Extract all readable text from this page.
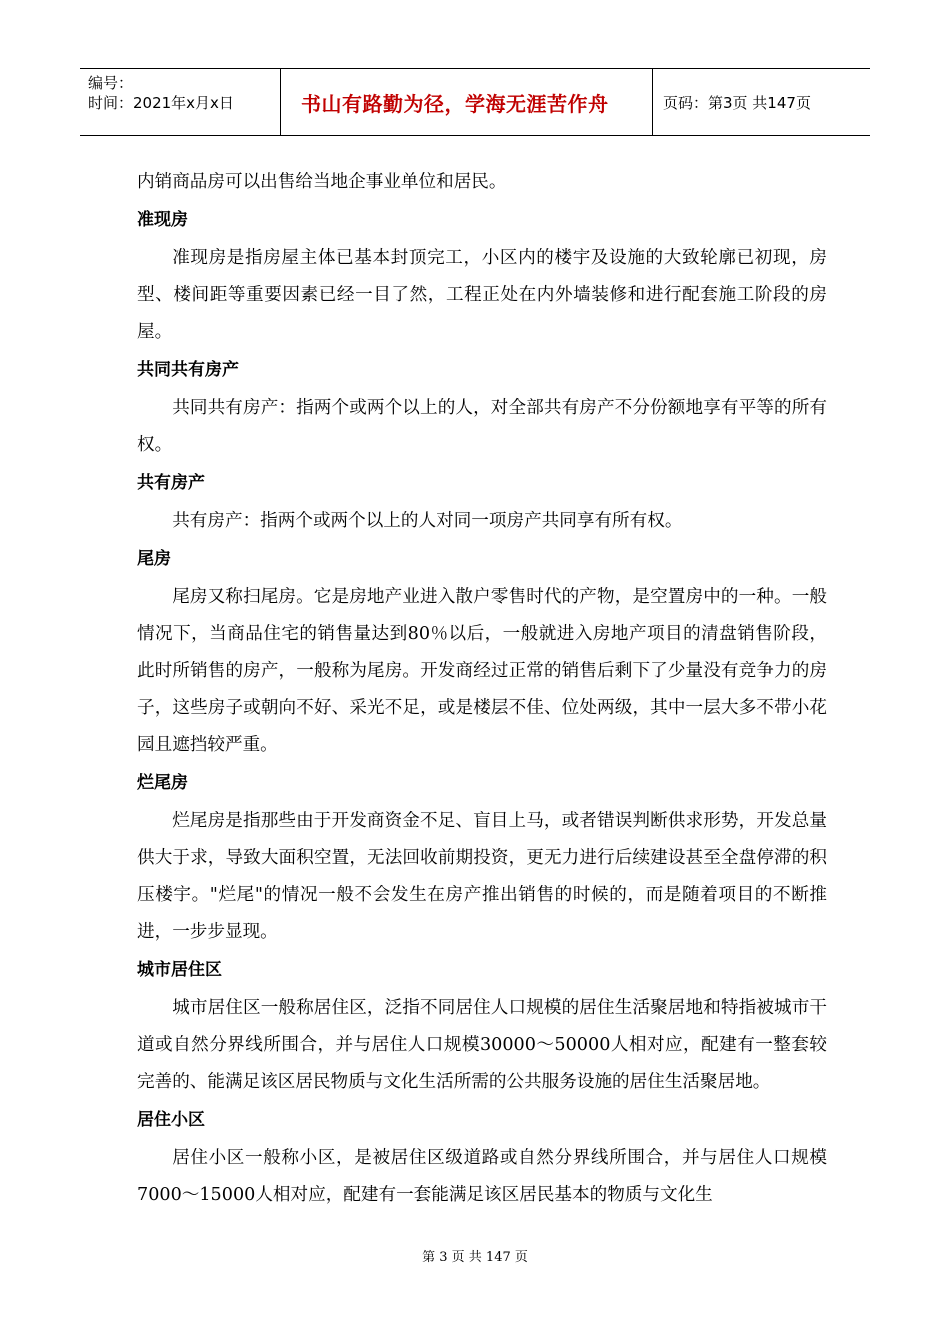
编号：
时间：2021年x月x日	书山有路勤为径，学海无涯苦作舟	页码：第3页 共147页

内销商品房可以出售给当地企事业单位和居民。

准现房

准现房是指房屋主体已基本封顶完工，小区内的楼宇及设施的大致轮廓已初现，房型、楼间距等重要因素已经一目了然，工程正处在内外墙装修和进行配套施工阶段的房屋。

共同共有房产

共同共有房产：指两个或两个以上的人，对全部共有房产不分份额地享有平等的所有权。

共有房产

共有房产：指两个或两个以上的人对同一项房产共同享有所有权。

尾房

尾房又称扫尾房。它是房地产业进入散户零售时代的产物，是空置房中的一种。一般情况下，当商品住宅的销售量达到80％以后，一般就进入房地产项目的清盘销售阶段，此时所销售的房产，一般称为尾房。开发商经过正常的销售后剩下了少量没有竞争力的房子，这些房子或朝向不好、采光不足，或是楼层不佳、位处两级，其中一层大多不带小花园且遮挡较严重。

烂尾房

烂尾房是指那些由于开发商资金不足、盲目上马，或者错误判断供求形势，开发总量供大于求，导致大面积空置，无法回收前期投资，更无力进行后续建设甚至全盘停滞的积压楼宇。"烂尾"的情况一般不会发生在房产推出销售的时候的，而是随着项目的不断推进，一步步显现。

城市居住区

城市居住区一般称居住区，泛指不同居住人口规模的居住生活聚居地和特指被城市干道或自然分界线所围合，并与居住人口规模30000～50000人相对应，配建有一整套较完善的、能满足该区居民物质与文化生活所需的公共服务设施的居住生活聚居地。

居住小区

居住小区一般称小区，是被居住区级道路或自然分界线所围合，并与居住人口规模 7000～15000人相对应，配建有一套能满足该区居民基本的物质与文化生

第 3 页 共 147 页
